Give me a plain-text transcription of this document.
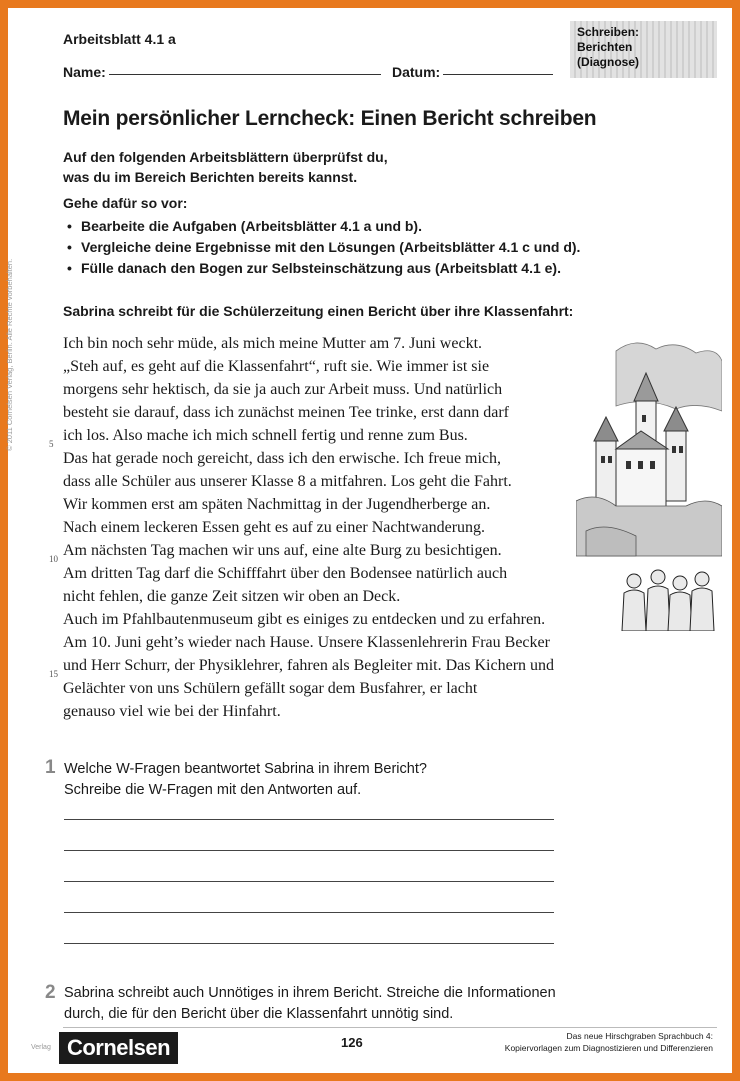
Arbeitsblatt 4.1 a
Name:	Datum:
Schreiben:
Berichten
(Diagnose)
Mein persönlicher Lerncheck: Einen Bericht schreiben
Auf den folgenden Arbeitsblättern überprüfst du,
was du im Bereich Berichten bereits kannst.
Gehe dafür so vor:
• Bearbeite die Aufgaben (Arbeitsblätter 4.1 a und b).
• Vergleiche deine Ergebnisse mit den Lösungen (Arbeitsblätter 4.1 c und d).
• Fülle danach den Bogen zur Selbsteinschätzung aus (Arbeitsblatt 4.1 e).
Sabrina schreibt für die Schülerzeitung einen Bericht über ihre Klassenfahrt:
© 2011 Cornelsen Verlag, Berlin. Alle Rechte vorbehalten.	5
10
15
Ich bin noch sehr müde, als mich meine Mutter am 7. Juni weckt.
„Steh auf, es geht auf die Klassenfahrt“, ruft sie. Wie immer ist sie
morgens sehr hektisch, da sie ja auch zur Arbeit muss. Und natürlich
besteht sie darauf, dass ich zunächst meinen Tee trinke, erst dann darf
ich los. Also mache ich mich schnell fertig und renne zum Bus.
Das hat gerade noch gereicht, dass ich den erwische. Ich freue mich,
dass alle Schüler aus unserer Klasse 8 a mitfahren. Los geht die Fahrt.
Wir kommen erst am späten Nachmittag in der Jugendherberge an.
Nach einem leckeren Essen geht es auf zu einer Nachtwanderung.
Am nächsten Tag machen wir uns auf, eine alte Burg zu besichtigen.
Am dritten Tag darf die Schifffahrt über den Bodensee natürlich auch
nicht fehlen, die ganze Zeit sitzen wir oben an Deck.
Auch im Pfahlbautenmuseum gibt es einiges zu entdecken und zu erfahren.
Am 10. Juni geht’s wieder nach Hause. Unsere Klassenlehrerin Frau Becker
und Herr Schurr, der Physiklehrer, fahren als Begleiter mit. Das Kichern und
Gelächter von uns Schülern gefällt sogar dem Busfahrer, er lacht
genauso viel wie bei der Hinfahrt.
1 Welche W-Fragen beantwortet Sabrina in ihrem Bericht?
Schreibe die W-Fragen mit den Antworten auf.
2 Sabrina schreibt auch Unnötiges in ihrem Bericht. Streiche die Informationen
durch, die für den Bericht über die Klassenfahrt unnötig sind.
Verlag Cornelsen	126	Das neue Hirschgraben Sprachbuch 4:
Kopiervorlagen zum Diagnostizieren und Differenzieren
